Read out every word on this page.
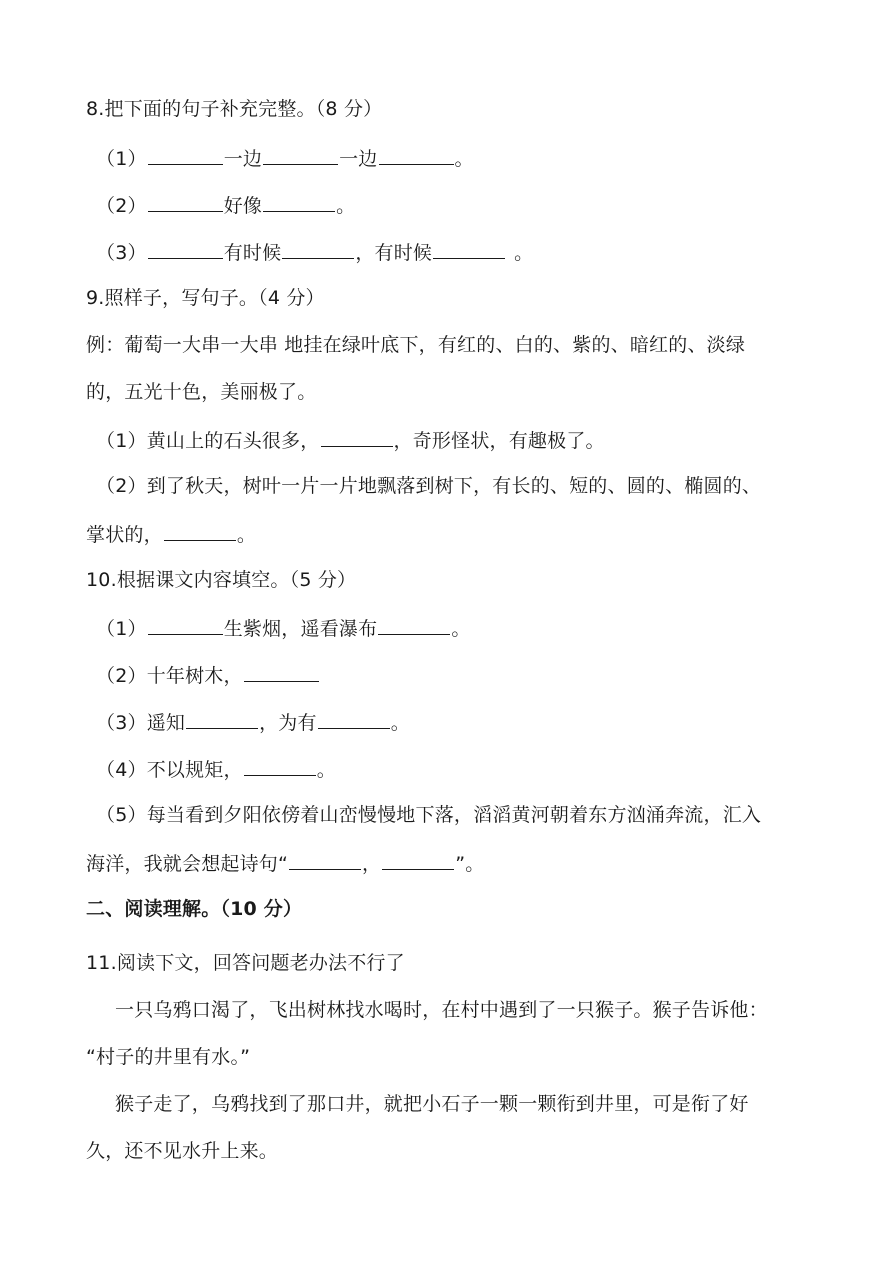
8.把下面的句子补充完整。（8 分）
（1）	一边	一边	。
（2）	好像	。
（3）	有时候	，有时候	。
9.照样子，写句子。（4 分）
例：葡萄一大串一大串 地挂在绿叶底下，有红的、白的、紫的、暗红的、淡绿
的，五光十色，美丽极了。
（1）黄山上的石头很多，	，奇形怪状，有趣极了。
（2）到了秋天，树叶一片一片地飘落到树下，有长的、短的、圆的、椭圆的、
掌状的，	。
10.根据课文内容填空。（5 分）
（1）	生紫烟，遥看瀑布	。
（2）十年树木，
（3）遥知	，为有	。
（4）不以规矩，	。
（5）每当看到夕阳依傍着山峦慢慢地下落，滔滔黄河朝着东方汹涌奔流，汇入
海洋，我就会想起诗句“	，	”。
二、阅读理解。（10 分）
11.阅读下文，回答问题老办法不行了
一只乌鸦口渴了，飞出树林找水喝时，在村中遇到了一只猴子。猴子告诉他：
“村子的井里有水。”
猴子走了，乌鸦找到了那口井，就把小石子一颗一颗衔到井里，可是衔了好
久，还不见水升上来。
